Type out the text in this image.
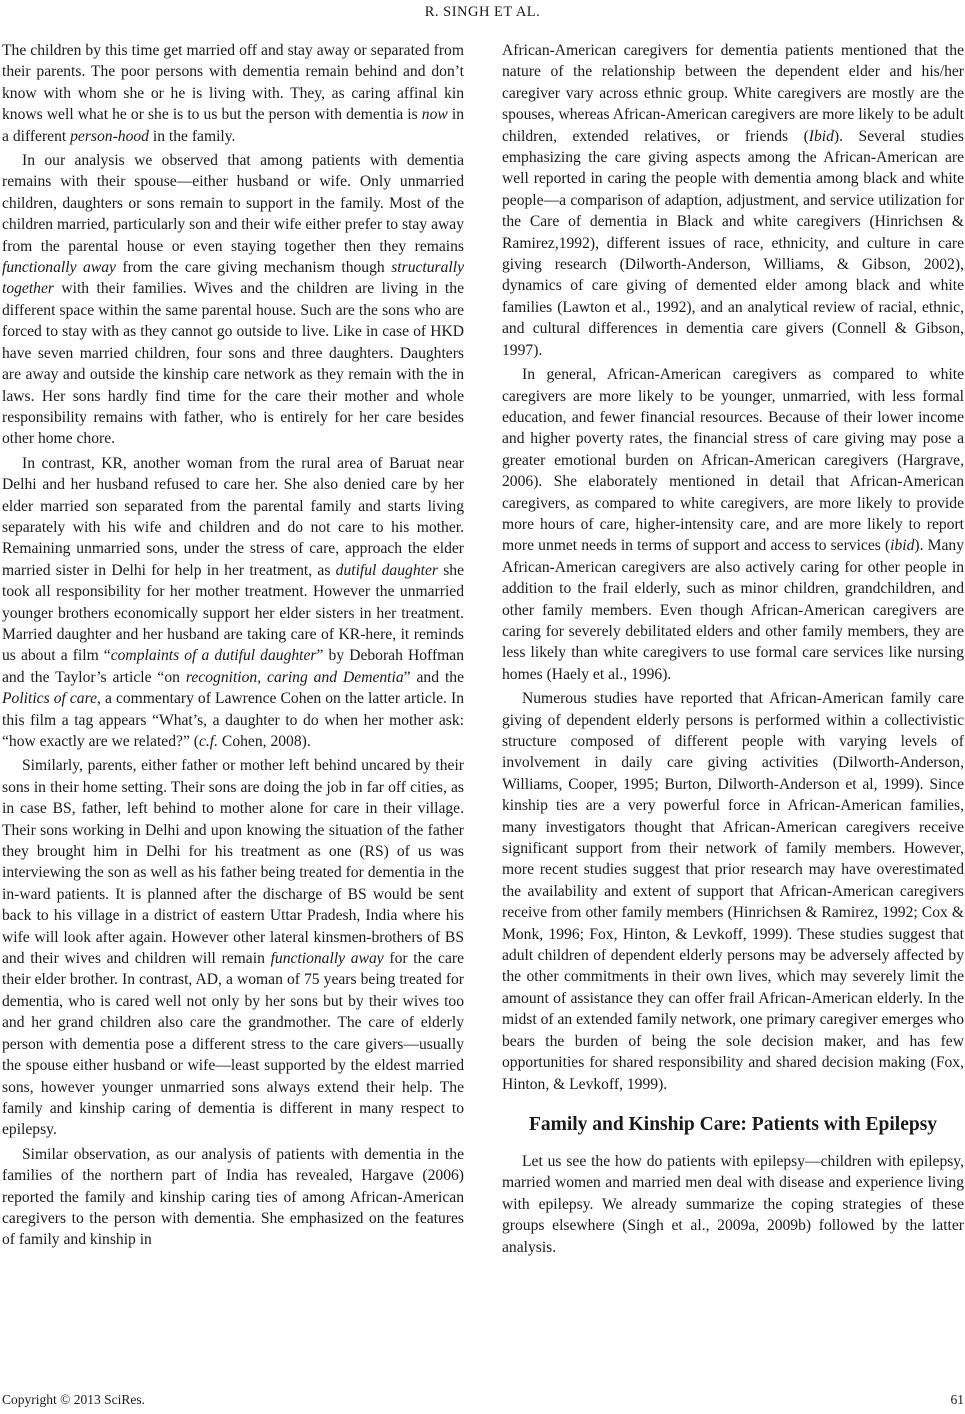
R. SINGH ET AL.

The children by this time get married off and stay away or separated from their parents. The poor persons with dementia remain behind and don’t know with whom she or he is living with. They, as caring affinal kin knows well what he or she is to us but the person with dementia is now in a different person-hood in the family.

In our analysis we observed that among patients with dementia remains with their spouse—either husband or wife. Only unmarried children, daughters or sons remain to support in the family. Most of the children married, particularly son and their wife either prefer to stay away from the parental house or even staying together then they remains functionally away from the care giving mechanism though structurally together with their families. Wives and the children are living in the different space within the same parental house. Such are the sons who are forced to stay with as they cannot go outside to live. Like in case of HKD have seven married children, four sons and three daughters. Daughters are away and outside the kinship care network as they remain with the in laws. Her sons hardly find time for the care their mother and whole responsibility remains with father, who is entirely for her care besides other home chore.

In contrast, KR, another woman from the rural area of Baruat near Delhi and her husband refused to care her. She also denied care by her elder married son separated from the parental family and starts living separately with his wife and children and do not care to his mother. Remaining unmarried sons, under the stress of care, approach the elder married sister in Delhi for help in her treatment, as dutiful daughter she took all responsibility for her mother treatment. However the unmarried younger brothers economically support her elder sisters in her treatment. Married daughter and her husband are taking care of KR-here, it reminds us about a film “complaints of a dutiful daughter” by Deborah Hoffman and the Taylor’s article “on recognition, caring and Dementia” and the Politics of care, a commentary of Lawrence Cohen on the latter article. In this film a tag appears “What’s, a daughter to do when her mother ask: “how exactly are we related?” (c.f. Cohen, 2008).

Similarly, parents, either father or mother left behind uncared by their sons in their home setting. Their sons are doing the job in far off cities, as in case BS, father, left behind to mother alone for care in their village. Their sons working in Delhi and upon knowing the situation of the father they brought him in Delhi for his treatment as one (RS) of us was interviewing the son as well as his father being treated for dementia in the in-ward patients. It is planned after the discharge of BS would be sent back to his village in a district of eastern Uttar Pradesh, India where his wife will look after again. However other lateral kinsmen-brothers of BS and their wives and children will remain functionally away for the care their elder brother. In contrast, AD, a woman of 75 years being treated for dementia, who is cared well not only by her sons but by their wives too and her grand children also care the grandmother. The care of elderly person with dementia pose a different stress to the care givers—usually the spouse either husband or wife—least supported by the eldest married sons, however younger unmarried sons always extend their help. The family and kinship caring of dementia is different in many respect to epilepsy.

Similar observation, as our analysis of patients with dementia in the families of the northern part of India has revealed, Hargave (2006) reported the family and kinship caring ties of among African-American caregivers to the person with dementia. She emphasized on the features of family and kinship in

African-American caregivers for dementia patients mentioned that the nature of the relationship between the dependent elder and his/her caregiver vary across ethnic group. White caregivers are mostly are the spouses, whereas African-American caregivers are more likely to be adult children, extended relatives, or friends (Ibid). Several studies emphasizing the care giving aspects among the African-American are well reported in caring the people with dementia among black and white people—a comparison of adaption, adjustment, and service utilization for the Care of dementia in Black and white caregivers (Hinrichsen & Ramirez,1992), different issues of race, ethnicity, and culture in care giving research (Dilworth-Anderson, Williams, & Gibson, 2002), dynamics of care giving of demented elder among black and white families (Lawton et al., 1992), and an analytical review of racial, ethnic, and cultural differences in dementia care givers (Connell & Gibson, 1997).

In general, African-American caregivers as compared to white caregivers are more likely to be younger, unmarried, with less formal education, and fewer financial resources. Because of their lower income and higher poverty rates, the financial stress of care giving may pose a greater emotional burden on African-American caregivers (Hargrave, 2006). She elaborately mentioned in detail that African-American caregivers, as compared to white caregivers, are more likely to provide more hours of care, higher-intensity care, and are more likely to report more unmet needs in terms of support and access to services (ibid). Many African-American caregivers are also actively caring for other people in addition to the frail elderly, such as minor children, grandchildren, and other family members. Even though African-American caregivers are caring for severely debilitated elders and other family members, they are less likely than white caregivers to use formal care services like nursing homes (Haely et al., 1996).

Numerous studies have reported that African-American family care giving of dependent elderly persons is performed within a collectivistic structure composed of different people with varying levels of involvement in daily care giving activities (Dilworth-Anderson, Williams, Cooper, 1995; Burton, Dilworth-Anderson et al, 1999). Since kinship ties are a very powerful force in African-American families, many investigators thought that African-American caregivers receive significant support from their network of family members. However, more recent studies suggest that prior research may have overestimated the availability and extent of support that African-American caregivers receive from other family members (Hinrichsen & Ramirez, 1992; Cox & Monk, 1996; Fox, Hinton, & Levkoff, 1999). These studies suggest that adult children of dependent elderly persons may be adversely affected by the other commitments in their own lives, which may severely limit the amount of assistance they can offer frail African-American elderly. In the midst of an extended family network, one primary caregiver emerges who bears the burden of being the sole decision maker, and has few opportunities for shared responsibility and shared decision making (Fox, Hinton, & Levkoff, 1999).

Family and Kinship Care: Patients with Epilepsy

Let us see the how do patients with epilepsy—children with epilepsy, married women and married men deal with disease and experience living with epilepsy. We already summarize the coping strategies of these groups elsewhere (Singh et al., 2009a, 2009b) followed by the latter analysis.

Copyright © 2013 SciRes.	61
